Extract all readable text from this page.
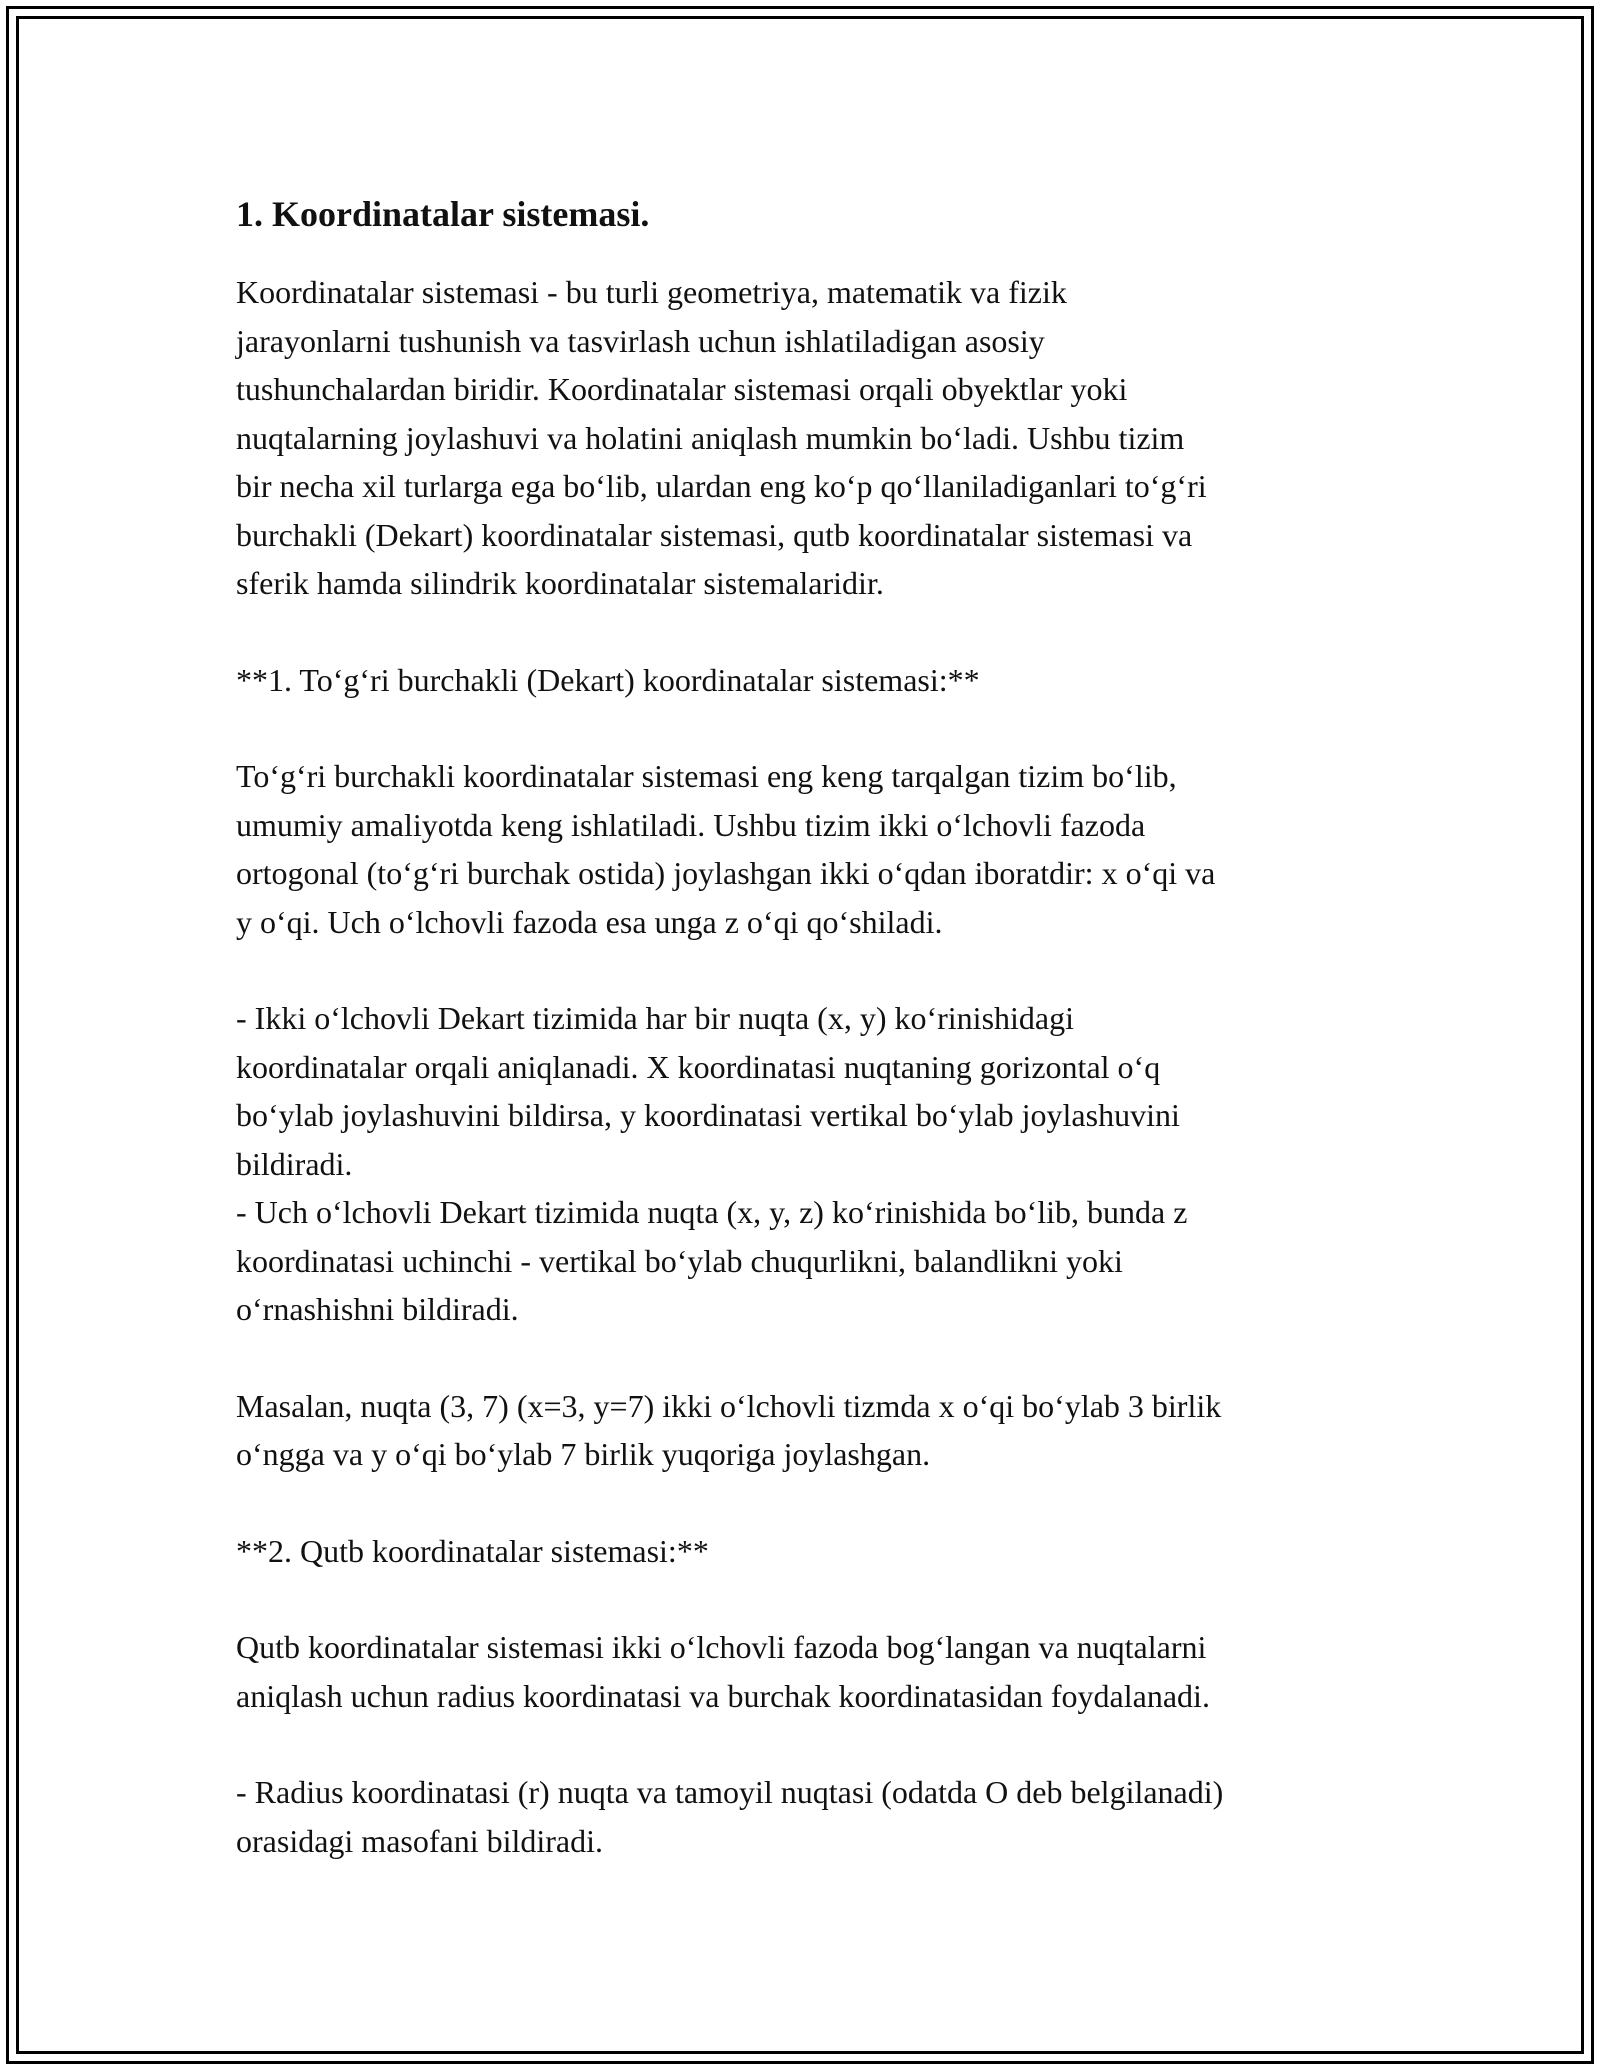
1. Koordinatalar sistemasi.
Koordinatalar sistemasi - bu turli geometriya, matematik va fizik
jarayonlarni tushunish va tasvirlash uchun ishlatiladigan asosiy
tushunchalardan biridir. Koordinatalar sistemasi orqali obyektlar yoki
nuqtalarning joylashuvi va holatini aniqlash mumkin bo‘ladi. Ushbu tizim
bir necha xil turlarga ega bo‘lib, ulardan eng ko‘p qo‘llaniladiganlari to‘g‘ri
burchakli (Dekart) koordinatalar sistemasi, qutb koordinatalar sistemasi va
sferik hamda silindrik koordinatalar sistemalaridir.
**1. To‘g‘ri burchakli (Dekart) koordinatalar sistemasi:**
To‘g‘ri burchakli koordinatalar sistemasi eng keng tarqalgan tizim bo‘lib,
umumiy amaliyotda keng ishlatiladi. Ushbu tizim ikki o‘lchovli fazoda
ortogonal (to‘g‘ri burchak ostida) joylashgan ikki o‘qdan iboratdir: x o‘qi va
y o‘qi. Uch o‘lchovli fazoda esa unga z o‘qi qo‘shiladi.
- Ikki o‘lchovli Dekart tizimida har bir nuqta (x, y) ko‘rinishidagi
koordinatalar orqali aniqlanadi. X koordinatasi nuqtaning gorizontal o‘q
bo‘ylab joylashuvini bildirsa, y koordinatasi vertikal bo‘ylab joylashuvini
bildiradi.
- Uch o‘lchovli Dekart tizimida nuqta (x, y, z) ko‘rinishida bo‘lib, bunda z
koordinatasi uchinchi - vertikal bo‘ylab chuqurlikni, balandlikni yoki
o‘rnashishni bildiradi.
Masalan, nuqta (3, 7) (x=3, y=7) ikki o‘lchovli tizmda x o‘qi bo‘ylab 3 birlik
o‘ngga va y o‘qi bo‘ylab 7 birlik yuqoriga joylashgan.
**2. Qutb koordinatalar sistemasi:**
Qutb koordinatalar sistemasi ikki o‘lchovli fazoda bog‘langan va nuqtalarni
aniqlash uchun radius koordinatasi va burchak koordinatasidan foydalanadi.
- Radius koordinatasi (r) nuqta va tamoyil nuqtasi (odatda O deb belgilanadi)
orasidagi masofani bildiradi.
